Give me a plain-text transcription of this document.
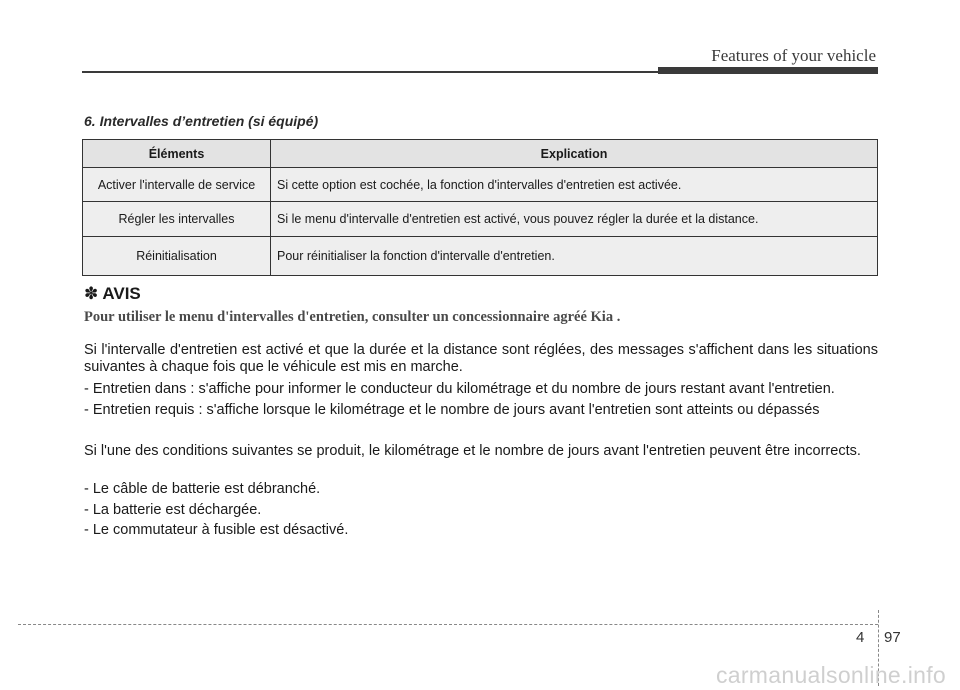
Features of your vehicle
6. Intervalles d’entretien (si équipé)
Éléments	Explication
Activer l'intervalle de service	Si cette option est cochée, la fonction d'intervalles d'entretien est activée.
Régler les intervalles	Si le menu d'intervalle d'entretien est activé, vous pouvez régler la durée et la distance.
Réinitialisation	Pour réinitialiser la fonction d'intervalle d'entretien.
✽ AVIS
Pour utiliser le menu d'intervalles d'entretien, consulter un concessionnaire agréé Kia .

Si l'intervalle d'entretien est activé et que la durée et la distance sont réglées, des messages s'affichent dans les situations suivantes à chaque fois que le véhicule est mis en marche.

- Entretien dans : s'affiche pour informer le conducteur du kilométrage et du nombre de jours restant avant l'entretien.

- Entretien requis : s'affiche lorsque le kilométrage et le nombre de jours avant l'entretien sont atteints ou dépassés

Si l'une des conditions suivantes se produit, le kilométrage et le nombre de jours avant l'entretien peuvent être incorrects.

- Le câble de batterie est débranché.

- La batterie est déchargée.

- Le commutateur à fusible est désactivé.

4 97
carmanualsonline.info
